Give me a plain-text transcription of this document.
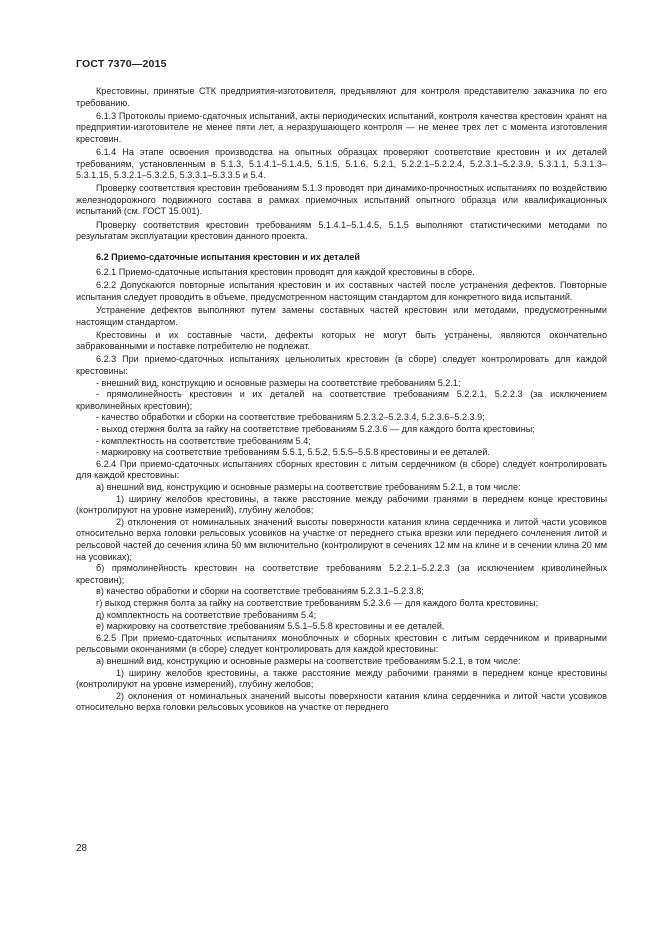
ГОСТ 7370—2015

Крестовины, принятые СТК предприятия-изготовителя, предъявляют для контроля представителю заказчика по его требованию.

6.1.3 Протоколы приемо-сдаточных испытаний, акты периодических испытаний, контроля качества крестовин хранят на предприятии-изготовителе не менее пяти лет, а неразрушающего контроля — не менее трех лет с момента изготовления крестовин.

6.1.4 На этапе освоения производства на опытных образцах проверяют соответствие крестовин и их деталей требованиям, установленным в 5.1.3, 5.1.4.1–5.1.4.5, 5.1.5, 5.1.6, 5.2.1, 5.2.2.1–5.2.2.4, 5.2.3.1–5.2.3.9, 5.3.1.1, 5.3.1.3–5.3.1.15, 5.3.2.1–5.3.2.5, 5.3.3.1–5.3.3.5 и 5.4.

Проверку соответствия крестовин требованиям 5.1.3 проводят при динамико-прочностных испытаниях по воздействию железнодорожного подвижного состава в рамках приемочных испытаний опытного образца или квалификационных испытаний (см. ГОСТ 15.001).

Проверку соответствия крестовин требованиям 5.1.4.1–5.1.4.5, 5.1.5 выполняют статистическими методами по результатам эксплуатации крестовин данного проекта.

6.2 Приемо-сдаточные испытания крестовин и их деталей

6.2.1 Приемо-сдаточные испытания крестовин проводят для каждой крестовины в сборе.

6.2.2 Допускаются повторные испытания крестовин и их составных частей после устранения дефектов. Повторные испытания следует проводить в объеме, предусмотренном настоящим стандартом для конкретного вида испытаний.

Устранение дефектов выполняют путем замены составных частей крестовин или методами, предусмотренными настоящим стандартом.

Крестовины и их составные части, дефекты которых не могут быть устранены, являются окончательно забракованными и поставке потребителю не подлежат.

6.2.3 При приемо-сдаточных испытаниях цельнолитых крестовин (в сборе) следует контролировать для каждой крестовины:

- внешний вид, конструкцию и основные размеры на соответствие требованиям 5.2.1;

- прямолинейность крестовин и их деталей на соответствие требованиям 5.2.2.1, 5.2.2.3 (за исключением криволинейных крестовин);

- качество обработки и сборки на соответствие требованиям 5.2.3.2–5.2.3.4, 5.2.3.6–5.2.3.9;

- выход стержня болта за гайку на соответствие требованиям 5.2.3.6 — для каждого болта крестовины;

- комплектность на соответствие требованиям 5.4;

- маркировку на соответствие требованиям 5.5.1, 5.5.2, 5.5.5–5.5.8 крестовины и ее деталей.

6.2.4 При приемо-сдаточных испытаниях сборных крестовин с литым сердечником (в сборе) следует контролировать для каждой крестовины:

а) внешний вид, конструкцию и основные размеры на соответствие требованиям 5.2.1, в том числе:

1) ширину желобов крестовины, а также расстояние между рабочими гранями в переднем конце крестовины (контролируют на уровне измерений), глубину желобов;

2) отклонения от номинальных значений высоты поверхности катания клина сердечника и литой части усовиков относительно верха головки рельсовых усовиков на участке от переднего стыка врезки или переднего сочленения литой и рельсовой частей до сечения клина 50 мм включительно (контролируют в сечениях 12 мм на клине и в сечении клина 20 мм на усовиках);

б) прямолинейность крестовин на соответствие требованиям 5.2.2.1–5.2.2.3 (за исключением криволинейных крестовин);

в) качество обработки и сборки на соответствие требованиям 5.2.3.1–5.2.3.8;

г) выход стержня болта за гайку на соответствие требованиям 5.2.3.6 — для каждого болта крестовины;

д) комплектность на соответствие требованиям 5.4;

е) маркировку на соответствие требованиям 5.5.1–5.5.8 крестовины и ее деталей.

6.2.5 При приемо-сдаточных испытаниях моноблочных и сборных крестовин с литым сердечником и приварными рельсовыми окончаниями (в сборе) следует контролировать для каждой крестовины:

а) внешний вид, конструкцию и основные размеры на соответствие требованиям 5.2.1, в том числе:

1) ширину желобов крестовины, а также расстояние между рабочими гранями в переднем конце крестовины (контролируют на уровне измерений), глубину желобов;

2) оклонения от номинальных значений высоты поверхности катания клина сердечника и литой части усовиков относительно верха головки рельсовых усовиков на участке от переднего

28
